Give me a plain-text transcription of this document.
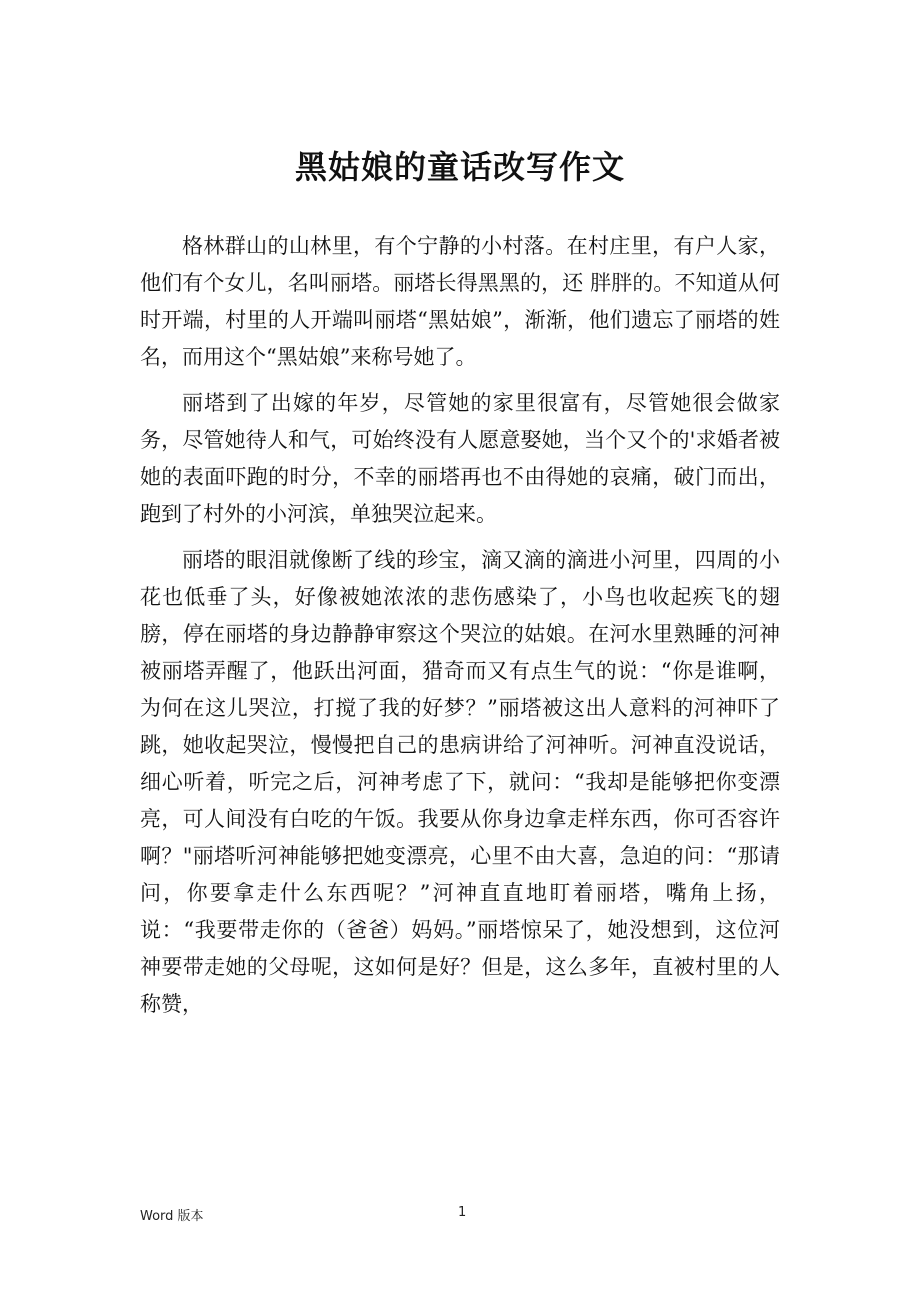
黑姑娘的童话改写作文

格林群山的山林里，有个宁静的小村落。在村庄里，有户人家，他们有个女儿，名叫丽塔。丽塔长得黑黑的，还 胖胖的。不知道从何时开端，村里的人开端叫丽塔“黑姑娘”，渐渐，他们遗忘了丽塔的姓名，而用这个“黑姑娘”来称号她了。

丽塔到了出嫁的年岁，尽管她的家里很富有，尽管她很会做家务，尽管她待人和气，可始终没有人愿意娶她，当个又个的'求婚者被她的表面吓跑的时分，不幸的丽塔再也不由得她的哀痛，破门而出，跑到了村外的小河滨，单独哭泣起来。

丽塔的眼泪就像断了线的珍宝，滴又滴的滴进小河里，四周的小花也低垂了头，好像被她浓浓的悲伤感染了，小鸟也收起疾飞的翅膀，停在丽塔的身边静静审察这个哭泣的姑娘。在河水里熟睡的河神被丽塔弄醒了，他跃出河面，猎奇而又有点生气的说：“你是谁啊，为何在这儿哭泣，打搅了我的好梦？”丽塔被这出人意料的河神吓了跳，她收起哭泣，慢慢把自己的患病讲给了河神听。河神直没说话，细心听着，听完之后，河神考虑了下，就问：“我却是能够把你变漂亮，可人间没有白吃的午饭。我要从你身边拿走样东西，你可否容许啊？"丽塔听河神能够把她变漂亮，心里不由大喜，急迫的问：“那请问，你要拿走什么东西呢？”河神直直地盯着丽塔，嘴角上扬，说：“我要带走你的（爸爸）妈妈。”丽塔惊呆了，她没想到，这位河神要带走她的父母呢，这如何是好？但是，这么多年，直被村里的人称赞，

Word 版本	1
